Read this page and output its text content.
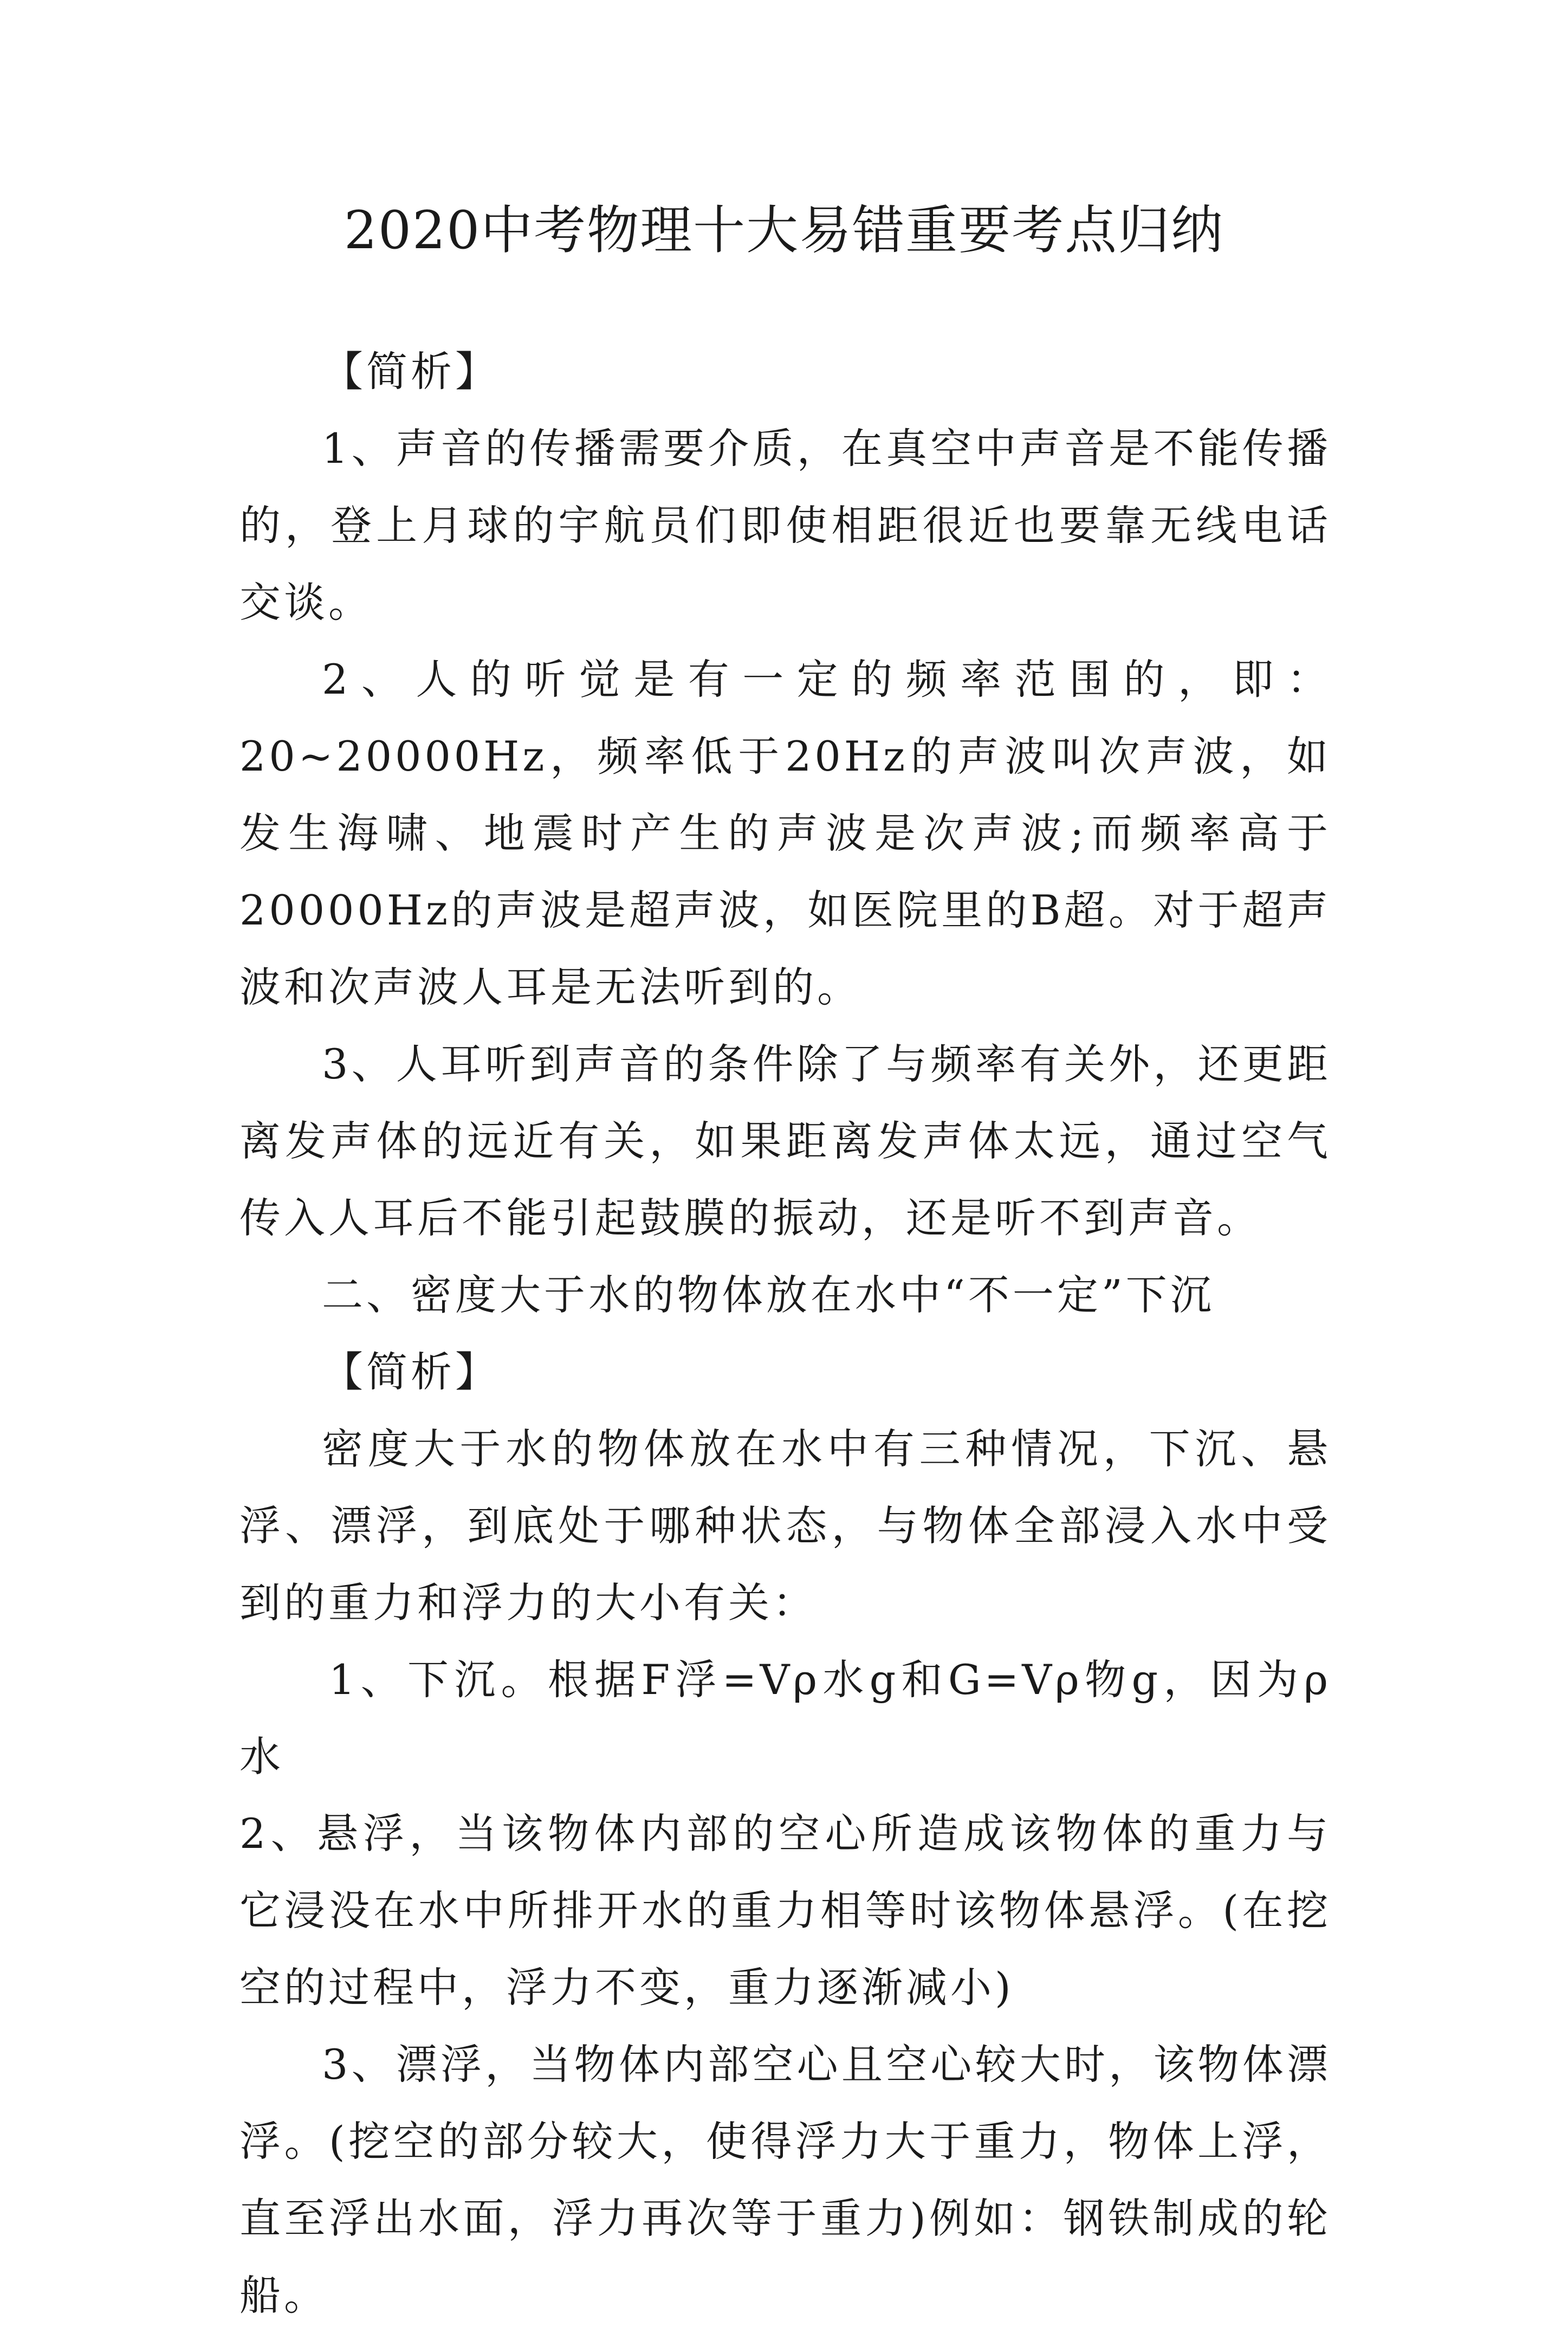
2020中考物理十大易错重要考点归纳

【简析】

1、声音的传播需要介质，在真空中声音是不能传播的，登上月球的宇航员们即使相距很近也要靠无线电话交谈。

2、人的听觉是有一定的频率范围的，即：20~20000Hz，频率低于20Hz的声波叫次声波，如发生海啸、地震时产生的声波是次声波;而频率高于20000Hz的声波是超声波，如医院里的B超。对于超声波和次声波人耳是无法听到的。

3、人耳听到声音的条件除了与频率有关外，还更距离发声体的远近有关，如果距离发声体太远，通过空气传入人耳后不能引起鼓膜的振动，还是听不到声音。

二、密度大于水的物体放在水中“不一定”下沉

【简析】

密度大于水的物体放在水中有三种情况，下沉、悬浮、漂浮，到底处于哪种状态，与物体全部浸入水中受到的重力和浮力的大小有关：

1、下沉。根据F浮=Vρ水g和G=Vρ物g，因为ρ水

2、悬浮，当该物体内部的空心所造成该物体的重力与它浸没在水中所排开水的重力相等时该物体悬浮。(在挖空的过程中，浮力不变，重力逐渐减小)

3、漂浮，当物体内部空心且空心较大时，该物体漂浮。(挖空的部分较大，使得浮力大于重力，物体上浮，直至浮出水面，浮力再次等于重力)例如：钢铁制成的轮船。
